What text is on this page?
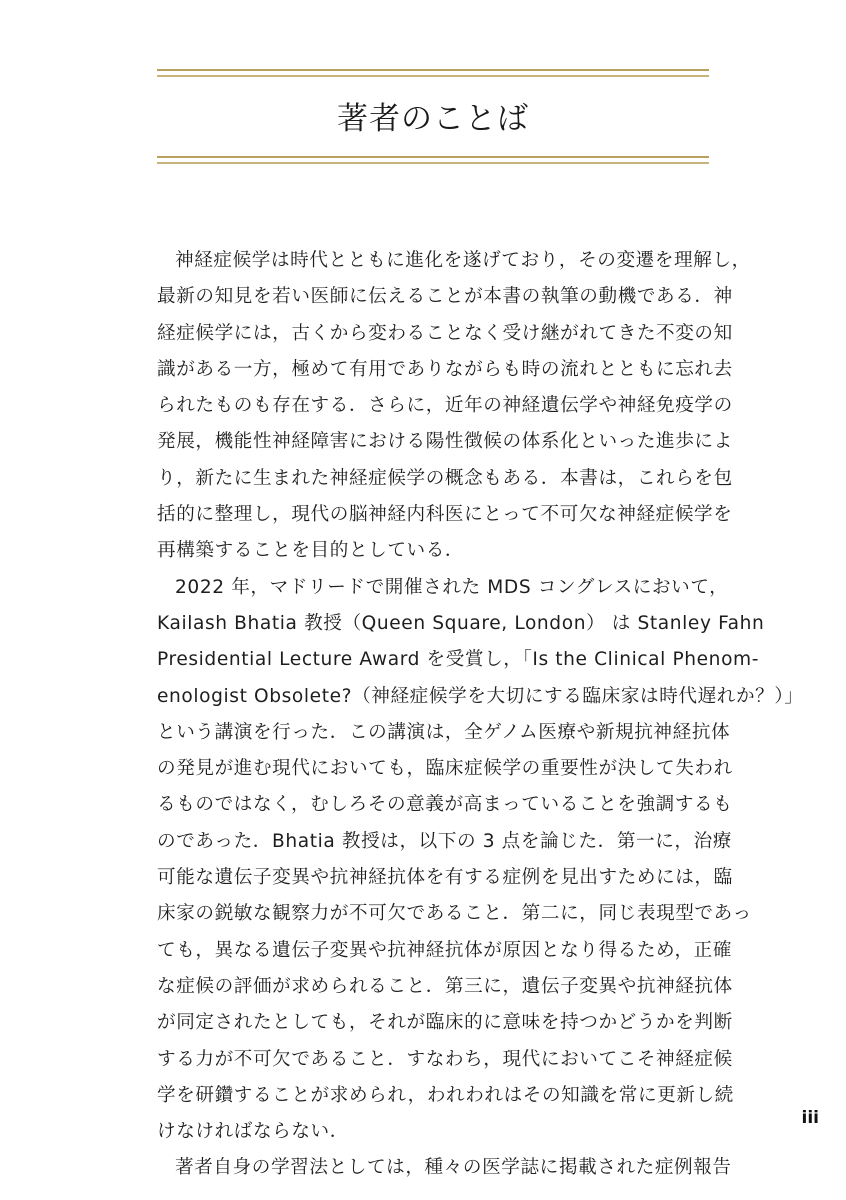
著者のことば
神経症候学は時代とともに進化を遂げており，その変遷を理解し，
最新の知見を若い医師に伝えることが本書の執筆の動機である．神
経症候学には，古くから変わることなく受け継がれてきた不変の知
識がある一方，極めて有用でありながらも時の流れとともに忘れ去
られたものも存在する．さらに，近年の神経遺伝学や神経免疫学の
発展，機能性神経障害における陽性徴候の体系化といった進歩によ
り，新たに生まれた神経症候学の概念もある．本書は，これらを包
括的に整理し，現代の脳神経内科医にとって不可欠な神経症候学を
再構築することを目的としている．
2022 年，マドリードで開催された MDS コングレスにおいて，
Kailash Bhatia 教授（Queen Square, London） は Stanley Fahn
Presidential Lecture Award を受賞し，「Is the Clinical Phenom-
enologist Obsolete?（神経症候学を大切にする臨床家は時代遅れか？）」
という講演を行った．この講演は，全ゲノム医療や新規抗神経抗体
の発見が進む現代においても，臨床症候学の重要性が決して失われ
るものではなく，むしろその意義が高まっていることを強調するも
のであった．Bhatia 教授は，以下の 3 点を論じた．第一に，治療
可能な遺伝子変異や抗神経抗体を有する症例を見出すためには，臨
床家の鋭敏な観察力が不可欠であること．第二に，同じ表現型であっ
ても，異なる遺伝子変異や抗神経抗体が原因となり得るため，正確
な症候の評価が求められること．第三に，遺伝子変異や抗神経抗体
が同定されたとしても，それが臨床的に意味を持つかどうかを判断
する力が不可欠であること．すなわち，現代においてこそ神経症候
学を研鑽することが求められ，われわれはその知識を常に更新し続
けなければならない．
著者自身の学習法としては，種々の医学誌に掲載された症例報告
iii
